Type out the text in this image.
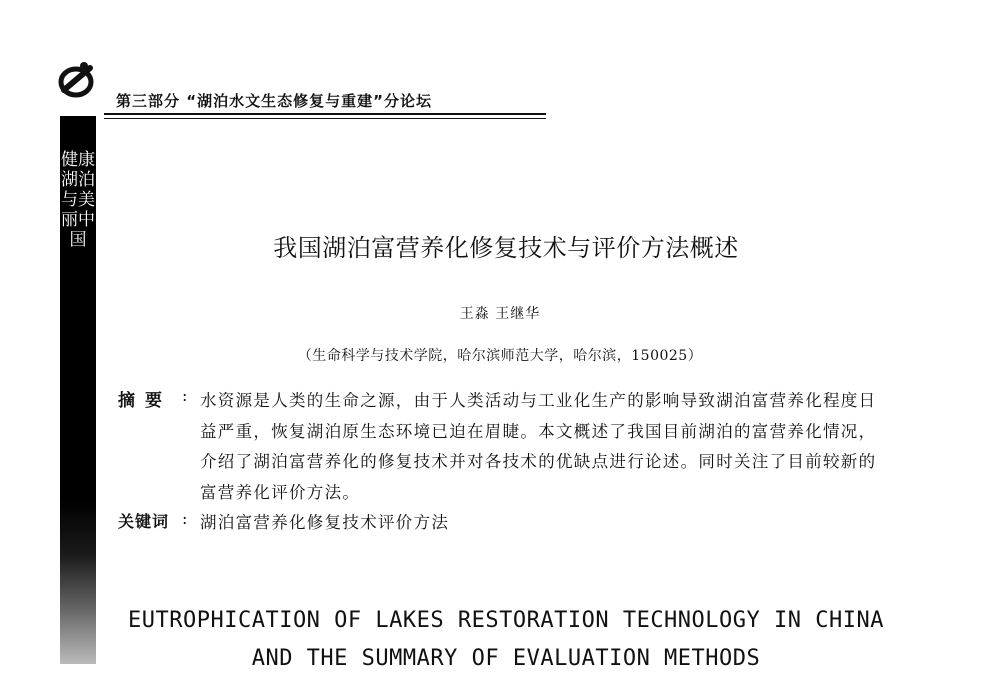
第三部分 “湖泊水文生态修复与重建”分论坛
健康湖泊与美丽中国	我国湖泊富营养化修复技术与评价方法概述
王淼 王继华
（生命科学与技术学院，哈尔滨师范大学，哈尔滨，150025）
摘要 : 水资源是人类的生命之源，由于人类活动与工业化生产的影响导致湖泊富营养化程度日益严重，恢复湖泊原生态环境已迫在眉睫。本文概述了我国目前湖泊的富营养化情况，介绍了湖泊富营养化的修复技术并对各技术的优缺点进行论述。同时关注了目前较新的富营养化评价方法。
关键词 : 湖泊富营养化修复技术评价方法
EUTROPHICATION OF LAKES RESTORATION TECHNOLOGY IN CHINA
AND THE SUMMARY OF EVALUATION METHODS
